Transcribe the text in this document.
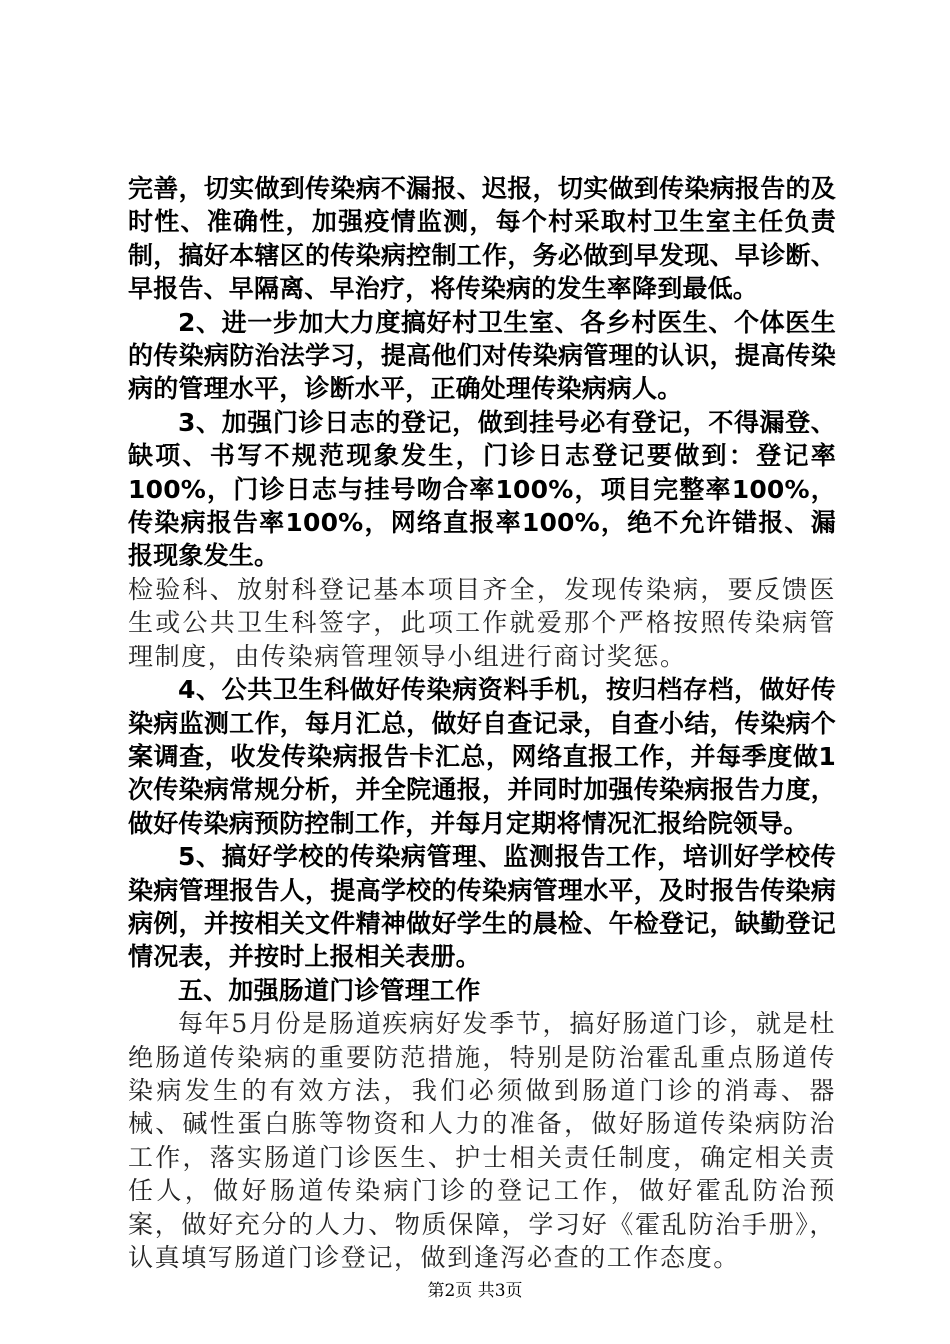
完善，切实做到传染病不漏报、迟报，切实做到传染病报告的及时性、准确性，加强疫情监测，每个村采取村卫生室主任负责制，搞好本辖区的传染病控制工作，务必做到早发现、早诊断、早报告、早隔离、早治疗，将传染病的发生率降到最低。

2、进一步加大力度搞好村卫生室、各乡村医生、个体医生的传染病防治法学习，提高他们对传染病管理的认识，提高传染病的管理水平，诊断水平，正确处理传染病病人。

3、加强门诊日志的登记，做到挂号必有登记，不得漏登、缺项、书写不规范现象发生，门诊日志登记要做到：登记率100%，门诊日志与挂号吻合率100%，项目完整率100%，传染病报告率100%，网络直报率100%，绝不允许错报、漏报现象发生。

检验科、放射科登记基本项目齐全，发现传染病，要反馈医生或公共卫生科签字，此项工作就爱那个严格按照传染病管理制度，由传染病管理领导小组进行商讨奖惩。

4、公共卫生科做好传染病资料手机，按归档存档，做好传染病监测工作，每月汇总，做好自查记录，自查小结，传染病个案调查，收发传染病报告卡汇总，网络直报工作，并每季度做1次传染病常规分析，并全院通报，并同时加强传染病报告力度，做好传染病预防控制工作，并每月定期将情况汇报给院领导。

5、搞好学校的传染病管理、监测报告工作，培训好学校传染病管理报告人，提高学校的传染病管理水平，及时报告传染病病例，并按相关文件精神做好学生的晨检、午检登记，缺勤登记情况表，并按时上报相关表册。

五、加强肠道门诊管理工作

每年5月份是肠道疾病好发季节，搞好肠道门诊，就是杜绝肠道传染病的重要防范措施，特别是防治霍乱重点肠道传染病发生的有效方法，我们必须做到肠道门诊的消毒、器械、碱性蛋白胨等物资和人力的准备，做好肠道传染病防治工作，落实肠道门诊医生、护士相关责任制度，确定相关责任人，做好肠道传染病门诊的登记工作，做好霍乱防治预案，做好充分的人力、物质保障，学习好《霍乱防治手册》，认真填写肠道门诊登记，做到逢泻必查的工作态度。

第2页 共3页
